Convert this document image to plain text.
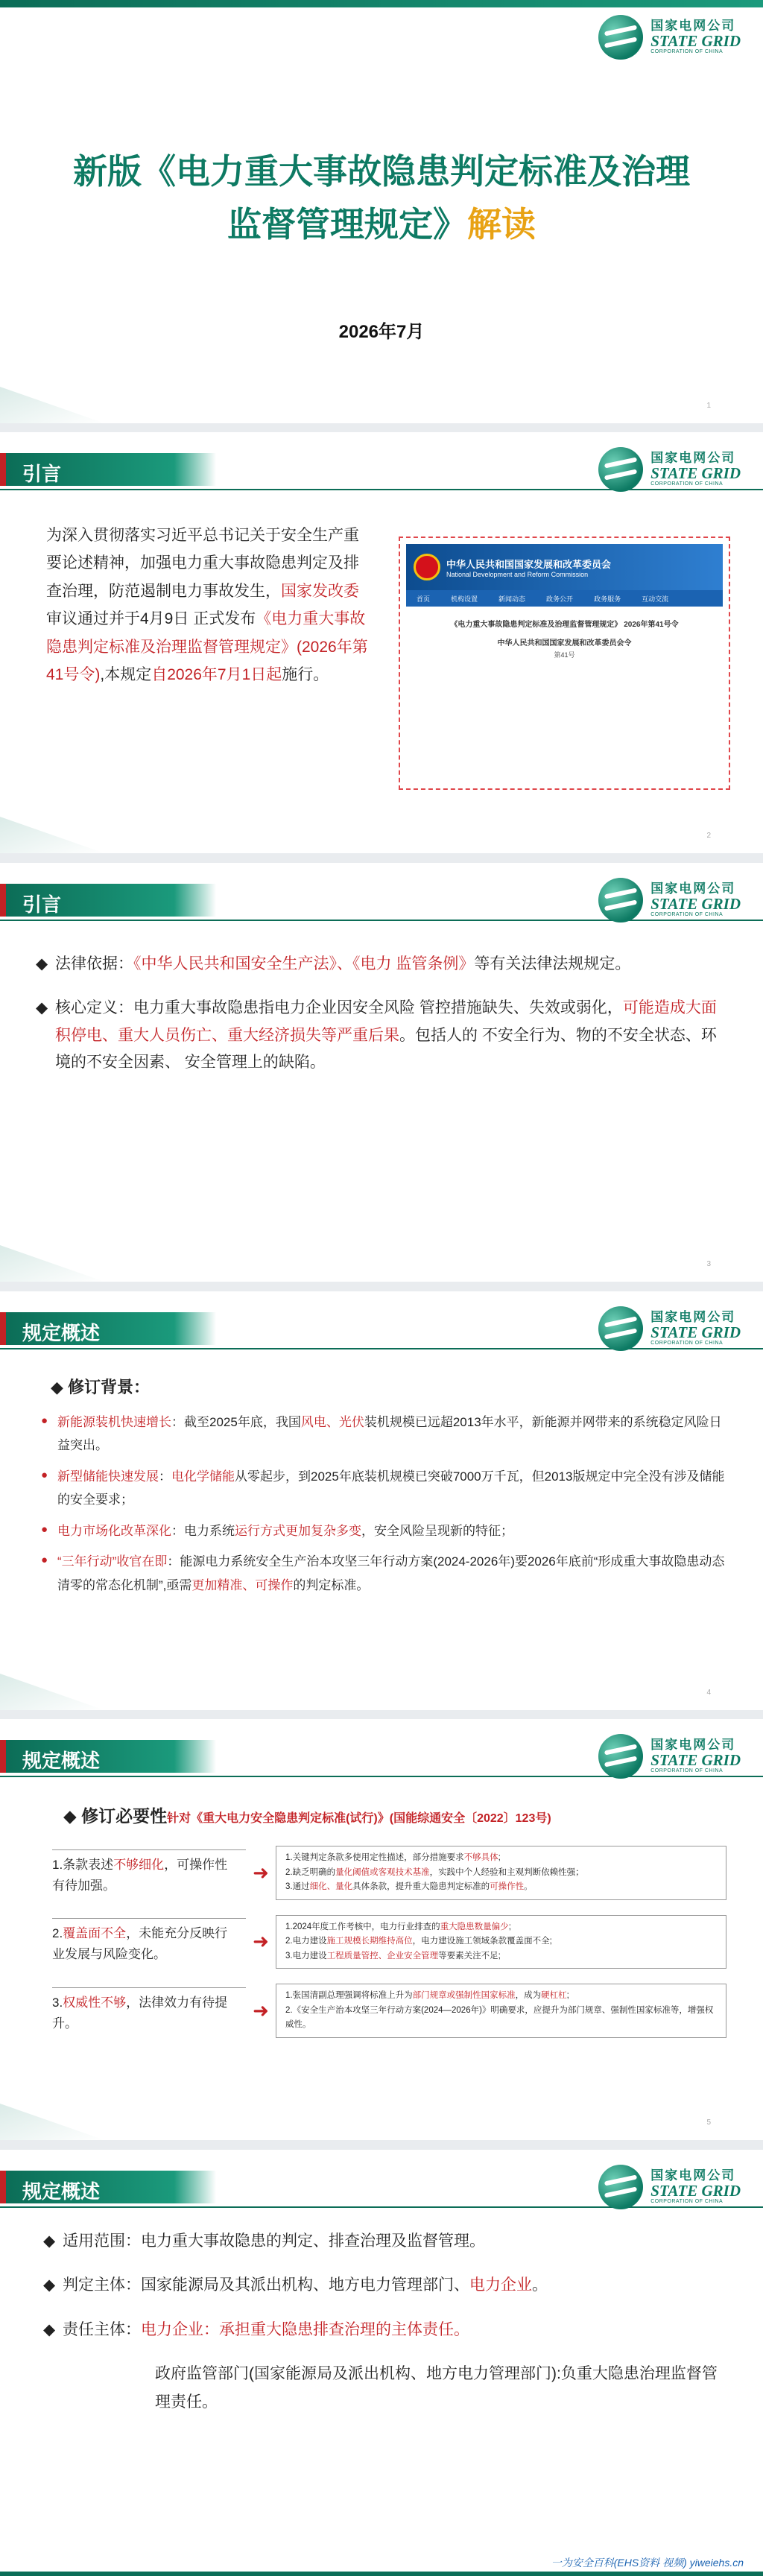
国家电网公司
STATE GRID
CORPORATION OF CHINA
新版《电力重大事故隐患判定标准及治理
监督管理规定》解读
2026年7月
1
引言
国家电网公司
STATE GRID
CORPORATION OF CHINA
为深入贯彻落实习近平总书记关于安全生产重要论述精神，加强电力重大事故隐患判定及排查治理，防范遏制电力事故发生，国家发改委审议通过并于4月9日 正式发布《电力重大事故隐患判定标准及治理监督管理规定》(2026年第41号令),本规定自2026年7月1日起施行。
中华人民共和国国家发展和改革委员会
National Development and Reform Commission
首页	机构设置	新闻动态	政务公开	政务服务	互动交流
《电力重大事故隐患判定标准及治理监督管理规定》 2026年第41号令
中华人民共和国国家发展和改革委员会令
第41号
2
引言
国家电网公司
STATE GRID
CORPORATION OF CHINA
◆ 法律依据：《中华人民共和国安全生产法》、《电力 监管条例》等有关法律法规规定。
◆ 核心定义：电力重大事故隐患指电力企业因安全风险 管控措施缺失、失效或弱化，可能造成大面积停电、重大人员伤亡、重大经济损失等严重后果。包括人的 不安全行为、物的不安全状态、环境的不安全因素、 安全管理上的缺陷。
3
规定概述
国家电网公司
STATE GRID
CORPORATION OF CHINA
◆ 修订背景：
● 新能源装机快速增长：截至2025年底，我国风电、光伏装机规模已远超2013年水平，新能源并网带来的系统稳定风险日益突出。
● 新型储能快速发展：电化学储能从零起步，到2025年底装机规模已突破7000万千瓦，但2013版规定中完全没有涉及储能的安全要求；
● 电力市场化改革深化：电力系统运行方式更加复杂多变，安全风险呈现新的特征；
● “三年行动”收官在即：能源电力系统安全生产治本攻坚三年行动方案(2024-2026年)要2026年底前“形成重大事故隐患动态清零的常态化机制”,亟需更加精准、可操作的判定标准。
4
规定概述
国家电网公司
STATE GRID
CORPORATION OF CHINA
◆ 修订必要性针对《重大电力安全隐患判定标准(试行)》(国能综通安全〔2022〕123号)
1.条款表述不够细化，可操作性有待加强。
➜
1.关键判定条款多使用定性描述，部分措施要求不够具体;
2.缺乏明确的量化阈值或客观技术基准，实践中个人经验和主观判断依赖性强；
3.通过细化、量化具体条款，提升重大隐患判定标准的可操作性。
2.覆盖面不全，未能充分反映行业发展与风险变化。
➜
1.2024年度工作考核中，电力行业排查的重大隐患数量偏少;
2.电力建设施工规模长期维持高位，电力建设施工领域条款覆盖面不全;
3.电力建设工程质量管控、企业安全管理等要素关注不足;
3.权威性不够，法律效力有待提升。
➜
1.张国清副总理强调将标准上升为部门规章或强制性国家标准，成为硬杠杠;
2.《安全生产治本攻坚三年行动方案(2024—2026年)》明确要求，应提升为部门规章、强制性国家标准等，增强权威性。
5
规定概述
国家电网公司
STATE GRID
CORPORATION OF CHINA
◆ 适用范围：电力重大事故隐患的判定、排查治理及监督管理。
◆ 判定主体：国家能源局及其派出机构、地方电力管理部门、电力企业。
◆ 责任主体：电力企业：承担重大隐患排查治理的主体责任。
政府监管部门(国家能源局及派出机构、地方电力管理部门):负重大隐患治理监督管理责任。
一为安全百科(EHS资料 视频) yiweiehs.cn
